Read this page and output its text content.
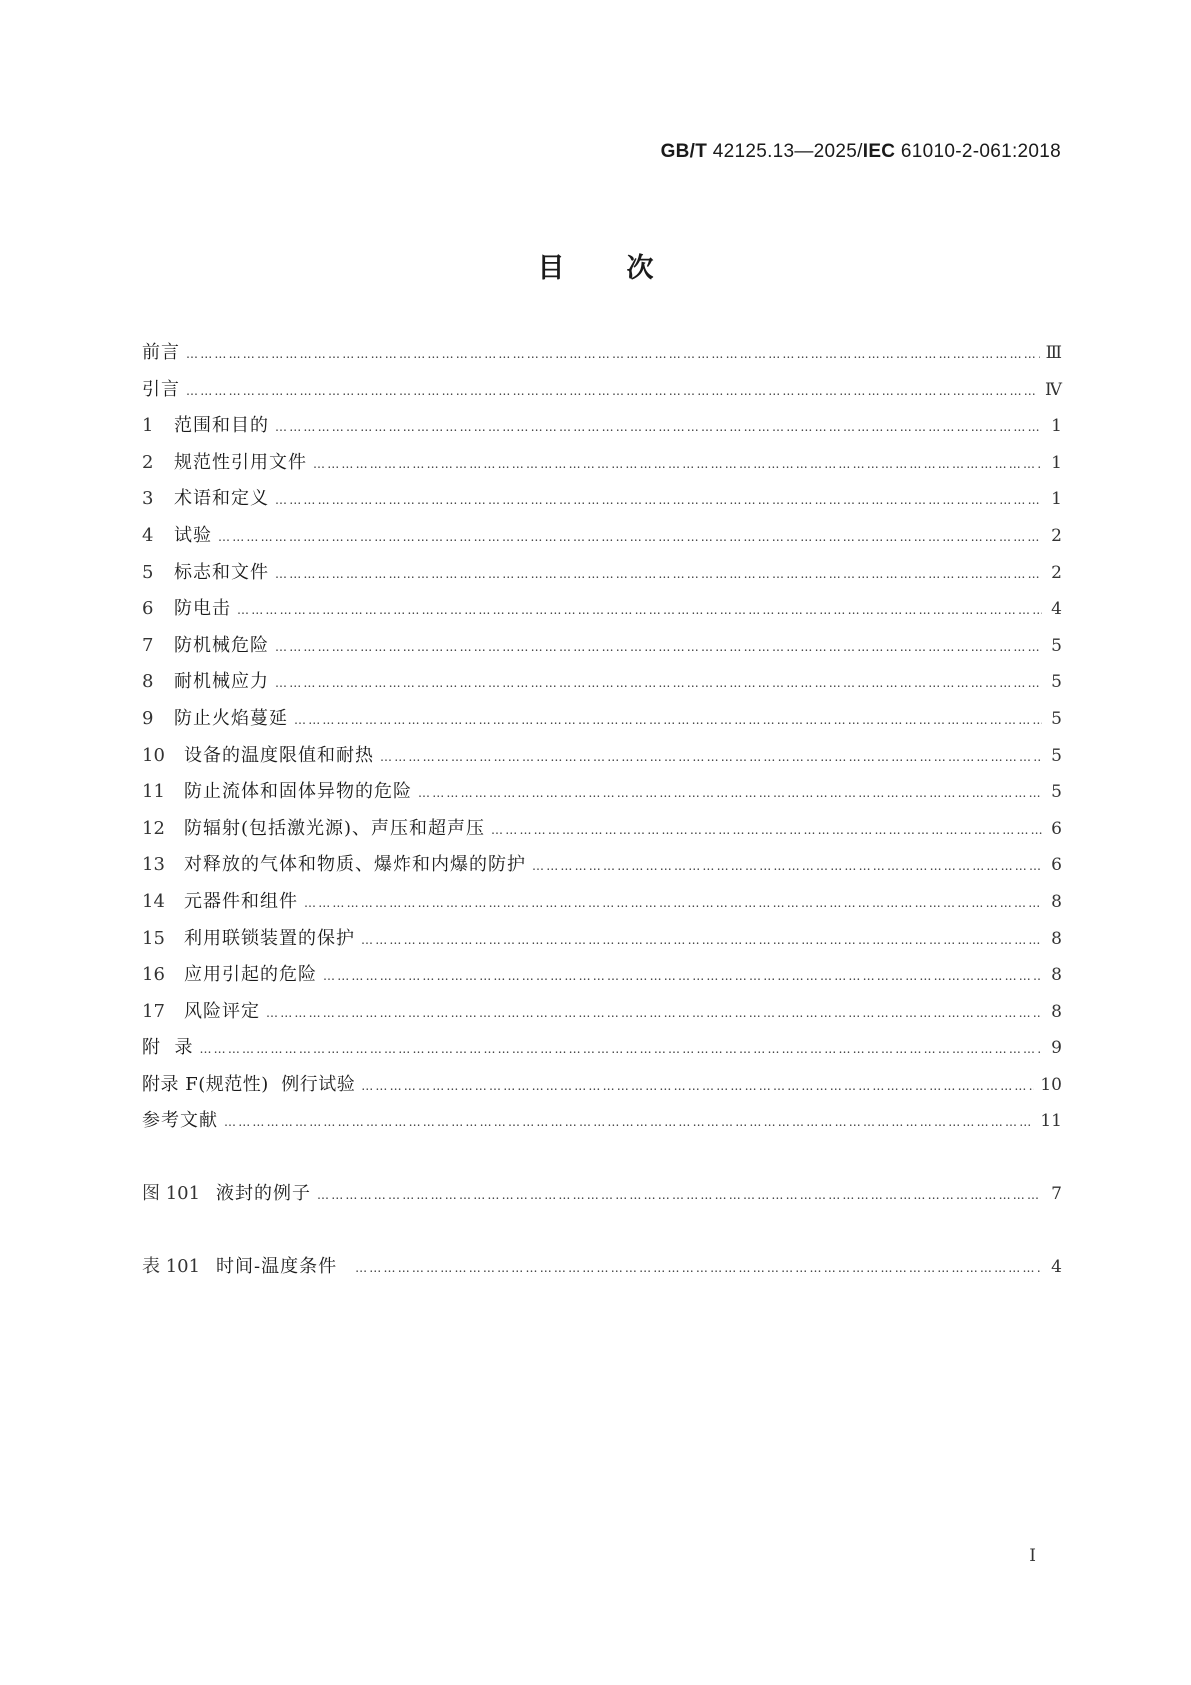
GB/T 42125.13—2025/IEC 61010-2-061:2018
目次
前言 ………………………………………………………………………………………………………………………………………………………………………………………………………………………………………	Ⅲ
引言 ………………………………………………………………………………………………………………………………………………………………………………………………………………………………………	Ⅳ
1	范围和目的 ………………………………………………………………………………………………………………………………………………………………………………………………………………………………………	1
2	规范性引用文件 ………………………………………………………………………………………………………………………………………………………………………………………………………………………………………	1
3	术语和定义 ………………………………………………………………………………………………………………………………………………………………………………………………………………………………………	1
4	试验 ………………………………………………………………………………………………………………………………………………………………………………………………………………………………………	2
5	标志和文件 ………………………………………………………………………………………………………………………………………………………………………………………………………………………………………	2
6	防电击 ………………………………………………………………………………………………………………………………………………………………………………………………………………………………………	4
7	防机械危险 ………………………………………………………………………………………………………………………………………………………………………………………………………………………………………	5
8	耐机械应力 ………………………………………………………………………………………………………………………………………………………………………………………………………………………………………	5
9	防止火焰蔓延 ………………………………………………………………………………………………………………………………………………………………………………………………………………………………………	5
10	设备的温度限值和耐热 ………………………………………………………………………………………………………………………………………………………………………………………………………………………………………	5
11	防止流体和固体异物的危险 ………………………………………………………………………………………………………………………………………………………………………………………………………………………………………	5
12	防辐射(包括激光源)、声压和超声压 ………………………………………………………………………………………………………………………………………………………………………………………………………………………………………	6
13	对释放的气体和物质、爆炸和内爆的防护 ………………………………………………………………………………………………………………………………………………………………………………………………………………………………………	6
14	元器件和组件 ………………………………………………………………………………………………………………………………………………………………………………………………………………………………………	8
15	利用联锁装置的保护 ………………………………………………………………………………………………………………………………………………………………………………………………………………………………………	8
16	应用引起的危险 ………………………………………………………………………………………………………………………………………………………………………………………………………………………………………	8
17	风险评定 ………………………………………………………………………………………………………………………………………………………………………………………………………………………………………	8
附  录 ………………………………………………………………………………………………………………………………………………………………………………………………………………………………………	9
附录 F(规范性)  例行试验 ………………………………………………………………………………………………………………………………………………………………………………………………………………………………………	10
参考文献 ………………………………………………………………………………………………………………………………………………………………………………………………………………………………………	11
图 101 液封的例子 ………………………………………………………………………………………………………………………………………………………………………………………………………………………………………	7
表 101 时间-温度条件 ………………………………………………………………………………………………………………………………………………………………………………………………………………………………………	4
Ⅰ
